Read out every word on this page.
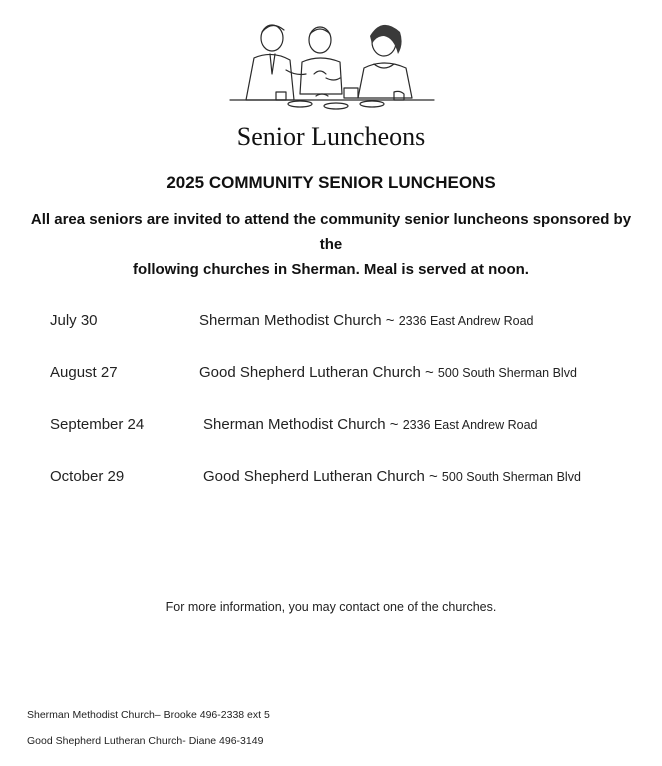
Senior Luncheons
2025 COMMUNITY SENIOR LUNCHEONS
All area seniors are invited to attend the community senior luncheons sponsored by the
following churches in Sherman. Meal is served at noon.
July 30	Sherman Methodist Church ~ 2336 East Andrew Road
August 27	Good Shepherd Lutheran Church ~ 500 South Sherman Blvd
September 24	Sherman Methodist Church ~ 2336 East Andrew Road
October 29	Good Shepherd Lutheran Church ~ 500 South Sherman Blvd
For more information, you may contact one of the churches.
Sherman Methodist Church– Brooke 496-2338 ext 5
Good Shepherd Lutheran Church- Diane 496-3149
